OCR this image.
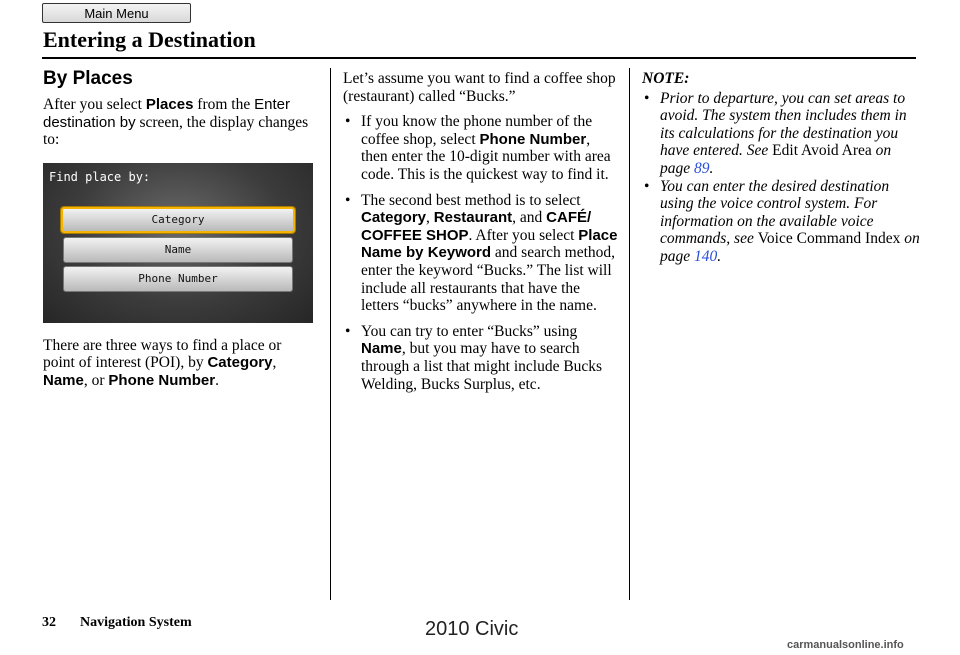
Main Menu
Entering a Destination
By Places

After you select Places from the Enter destination by screen, the display changes to:

Find place by:
Category
Name
Phone Number

There are three ways to find a place or point of interest (POI), by Category, Name, or Phone Number.

Let’s assume you want to find a coffee shop (restaurant) called “Bucks.”

• If you know the phone number of the coffee shop, select Phone Number, then enter the 10-digit number with area code. This is the quickest way to find it.
• The second best method is to select Category, Restaurant, and CAFÉ/ COFFEE SHOP. After you select Place Name by Keyword and search method, enter the keyword “Bucks.” The list will include all restaurants that have the letters “bucks” anywhere in the name.
• You can try to enter “Bucks” using Name, but you may have to search through a list that might include Bucks Welding, Bucks Surplus, etc.
NOTE:
• Prior to departure, you can set areas to avoid. The system then includes them in its calculations for the destination you have entered. See Edit Avoid Area on page 89.
• You can enter the desired destination using the voice control system. For information on the available voice commands, see Voice Command Index on page 140.
32 Navigation System	2010 Civic
carmanualsonline.info
